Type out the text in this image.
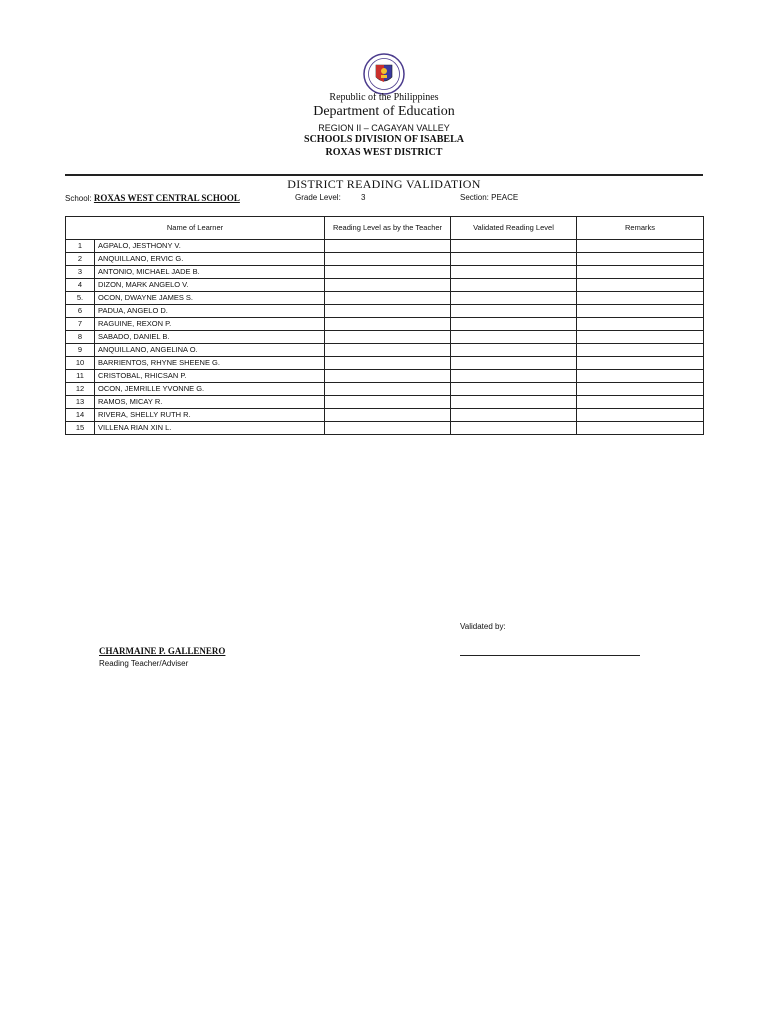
Republic of the Philippines
Department of Education
REGION II – CAGAYAN VALLEY
SCHOOLS DIVISION OF ISABELA
ROXAS WEST DISTRICT
DISTRICT READING VALIDATION
School: ROXAS WEST CENTRAL SCHOOL	Grade Level:	3	Section: PEACE
Name of Learner		Reading Level as by the Teacher	Validated Reading Level	Remarks
1	AGPALO, JESTHONY V.			
2	ANQUILLANO, ERVIC G.			
3	ANTONIO, MICHAEL JADE B.			
4	DIZON, MARK ANGELO V.			
5.	OCON, DWAYNE JAMES S.			
6	PADUA, ANGELO D.			
7	RAGUINE, REXON P.			
8	SABADO, DANIEL B.			
9	ANQUILLANO, ANGELINA O.			
10	BARRIENTOS, RHYNE SHEENE G.			
11	CRISTOBAL, RHICSAN P.			
12	OCON, JEMRILLE YVONNE G.			
13	RAMOS, MICAY R.			
14	RIVERA, SHELLY RUTH R.			
15	VILLENA RIAN XIN L.			
Validated by:
CHARMAINE P. GALLENERO
Reading Teacher/Adviser
